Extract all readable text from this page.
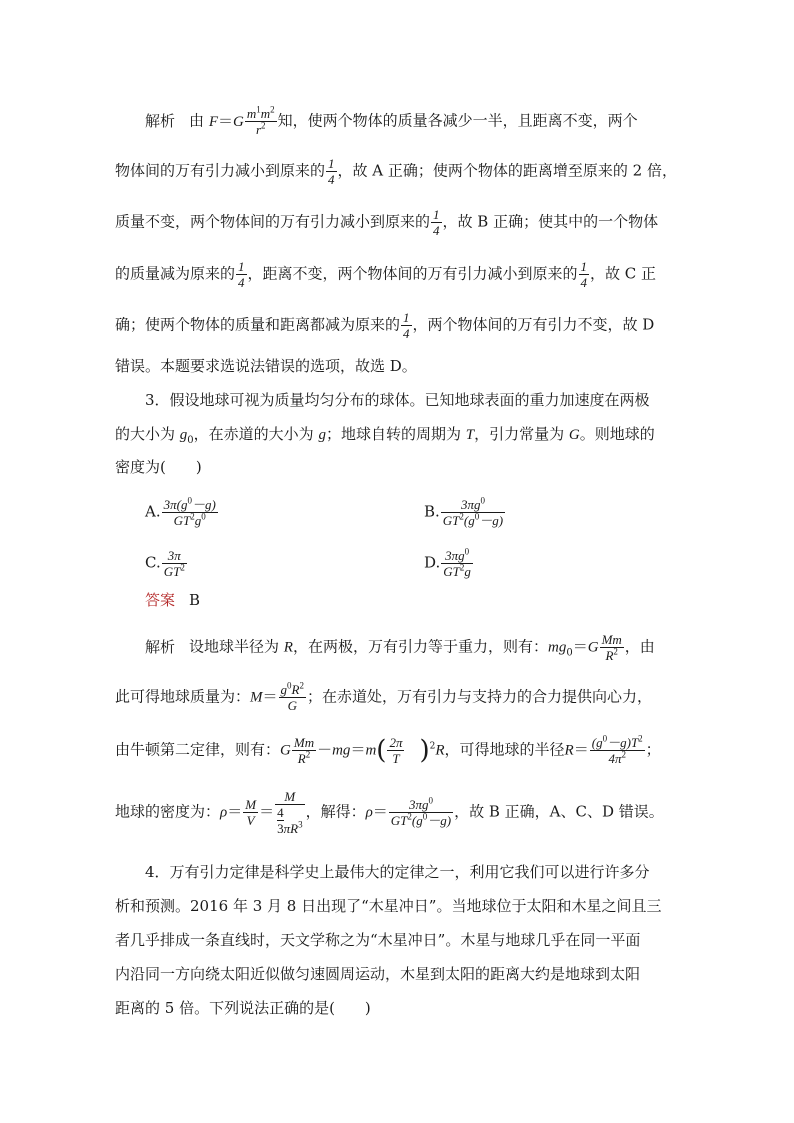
解析 由 $F=G \frac{m^1m^2}{r^2}$ 知，使两个物体的质量各减少一半，且距离不变，两个
物体间的万有引力减小到原来的 $\frac{1}{4}$ ，故 A 正确；使两个物体的距离增至原来的 2 倍，
质量不变，两个物体间的万有引力减小到原来的 $\frac{1}{4}$ ，故 B 正确；使其中的一个物体
的质量减为原来的 $\frac{1}{4}$ ，距离不变，两个物体间的万有引力减小到原来的 $\frac{1}{4}$ ，故 C 正
确；使两个物体的质量和距离都减为原来的 $\frac{1}{4}$ ，两个物体间的万有引力不变，故 D
错误。本题要求选说法错误的选项，故选 D。
3．假设地球可视为质量均匀分布的球体。已知地球表面的重力加速度在两极
的大小为 $g_0$，在赤道的大小为 g；地球自转的周期为 T，引力常量为 G。则地球的
密度为(　　)
A. $\frac{3\pi(g^0-g)}{GT^2g^0}$	B. $\frac{3\pi g^0}{GT^2(g^0-g)}$
C. $\frac{3\pi}{GT^2}$	D. $\frac{3\pi g^0}{GT^2g}$
答案 B
解析 设地球半径为 R，在两极，万有引力等于重力，则有：$mg_0=G \frac{Mm}{R^2}$ ，由
此可得地球质量为：$M= \frac{g^0R^2}{G}$ ；在赤道处，万有引力与支持力的合力提供向心力，
由牛顿第二定律，则有：G $\frac{Mm}{R^2} -mg=m( \frac{2\pi}{T} )^2R$，可得地球的半径$R= \frac{(g^0-g)T^2}{4\pi^2}$ ；
地球的密度为：$\rho= \frac{M}{V} = \frac{M}{\frac{4}{3} \pi R^3}$ ，解得：$\rho= \frac{3\pi g^0}{GT^2(g^0-g)}$ ，故 B 正确，A、C、D 错误。
4．万有引力定律是科学史上最伟大的定律之一，利用它我们可以进行许多分
析和预测。2016 年 3 月 8 日出现了“木星冲日”。当地球位于太阳和木星之间且三
者几乎排成一条直线时，天文学称之为“木星冲日”。木星与地球几乎在同一平面
内沿同一方向绕太阳近似做匀速圆周运动，木星到太阳的距离大约是地球到太阳
距离的 5 倍。下列说法正确的是(　　)
